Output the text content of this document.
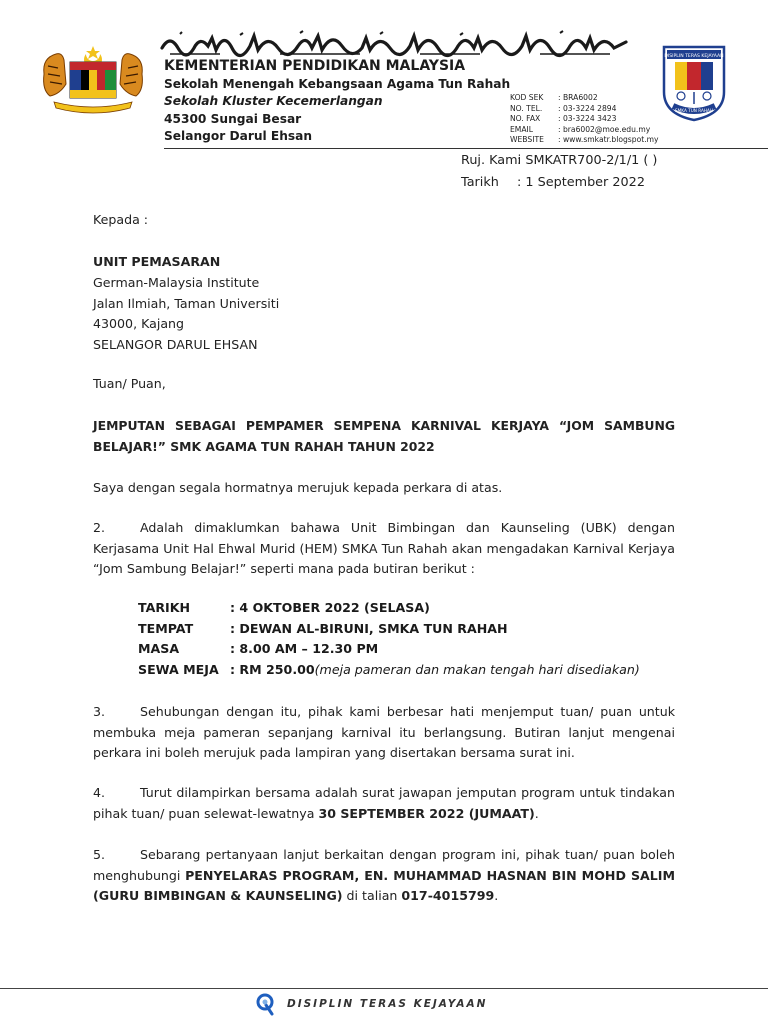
KEMENTERIAN PENDIDIKAN MALAYSIA
Sekolah Menengah Kebangsaan Agama Tun Rahah
Sekolah Kluster Kecemerlangan
45300 Sungai Besar
Selangor Darul Ehsan
KOD SEK	: BRA6002
NO. TEL.	: 03-3224 2894
NO. FAX	: 03-3224 3423
EMAIL	: bra6002@moe.edu.my
WEBSITE	: www.smkatr.blogspot.my
DISIPLIN TERAS KEJAYAAN
SMKA TUN RAHAH
Ruj. Kami
: SMKATR700-2/1/1 ( )
Tarikh	: 1 September 2022
Kepada :
UNIT PEMASARAN
German-Malaysia Institute
Jalan Ilmiah, Taman Universiti
43000, Kajang
SELANGOR DARUL EHSAN
Tuan/ Puan,
JEMPUTAN SEBAGAI PEMPAMER SEMPENA KARNIVAL KERJAYA “JOM SAMBUNG BELAJAR!” SMK AGAMA TUN RAHAH TAHUN 2022
Saya dengan segala hormatnya merujuk kepada perkara di atas.
2.	Adalah dimaklumkan bahawa Unit Bimbingan dan Kaunseling (UBK) dengan Kerjasama Unit Hal Ehwal Murid (HEM) SMKA Tun Rahah akan mengadakan Karnival Kerjaya “Jom Sambung Belajar!” seperti mana pada butiran berikut :
TARIKH	: 4 OKTOBER 2022 (SELASA)
TEMPAT	: DEWAN AL-BIRUNI, SMKA TUN RAHAH
MASA	: 8.00 AM – 12.30 PM
SEWA MEJA : RM 250.00 (meja pameran dan makan tengah hari disediakan)
3.	Sehubungan dengan itu, pihak kami berbesar hati menjemput tuan/ puan untuk membuka meja pameran sepanjang karnival itu berlangsung. Butiran lanjut mengenai perkara ini boleh merujuk pada lampiran yang disertakan bersama surat ini.
4.	Turut dilampirkan bersama adalah surat jawapan jemputan program untuk tindakan pihak tuan/ puan selewat-lewatnya 30 SEPTEMBER 2022 (JUMAAT).
5.	Sebarang pertanyaan lanjut berkaitan dengan program ini, pihak tuan/ puan boleh menghubungi PENYELARAS PROGRAM, EN. MUHAMMAD HASNAN BIN MOHD SALIM (GURU BIMBINGAN & KAUNSELING) di talian 017-4015799.
DISIPLIN TERAS KEJAYAAN
